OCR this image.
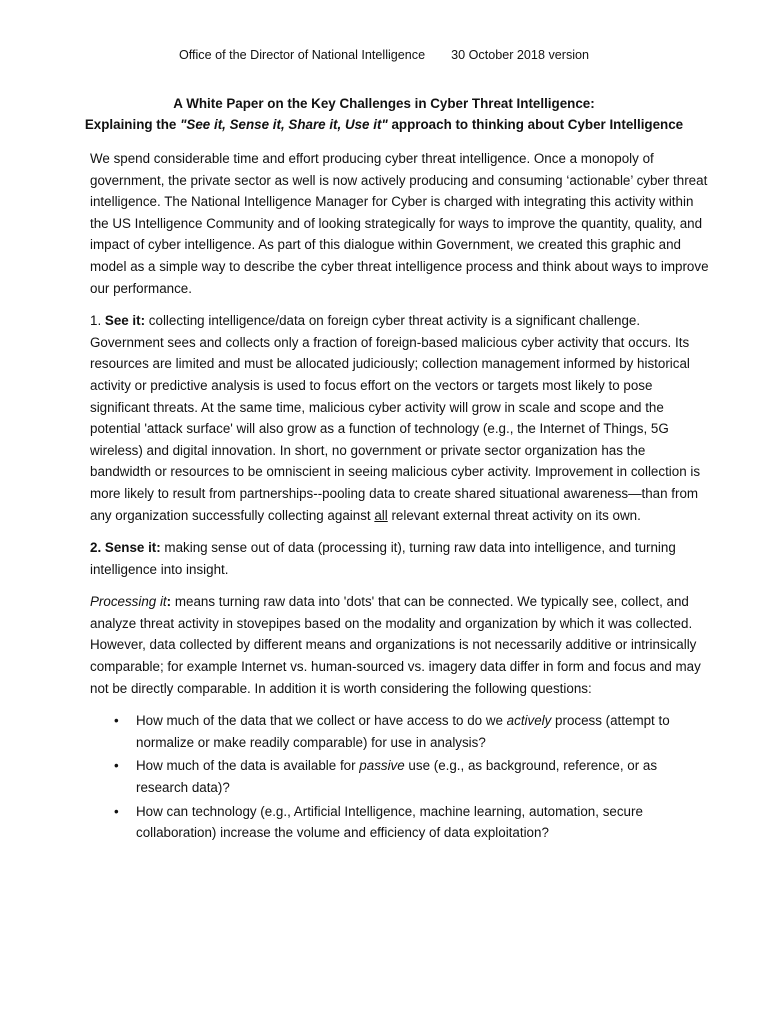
Office of the Director of National Intelligence 30 October 2018 version
A White Paper on the Key Challenges in Cyber Threat Intelligence:
Explaining the "See it, Sense it, Share it, Use it" approach to thinking about Cyber Intelligence

We spend considerable time and effort producing cyber threat intelligence. Once a monopoly of government, the private sector as well is now actively producing and consuming ‘actionable’ cyber threat intelligence. The National Intelligence Manager for Cyber is charged with integrating this activity within the US Intelligence Community and of looking strategically for ways to improve the quantity, quality, and impact of cyber intelligence. As part of this dialogue within Government, we created this graphic and model as a simple way to describe the cyber threat intelligence process and think about ways to improve our performance.

1. See it: collecting intelligence/data on foreign cyber threat activity is a significant challenge. Government sees and collects only a fraction of foreign-based malicious cyber activity that occurs. Its resources are limited and must be allocated judiciously; collection management informed by historical activity or predictive analysis is used to focus effort on the vectors or targets most likely to pose significant threats. At the same time, malicious cyber activity will grow in scale and scope and the potential 'attack surface' will also grow as a function of technology (e.g., the Internet of Things, 5G wireless) and digital innovation. In short, no government or private sector organization has the bandwidth or resources to be omniscient in seeing malicious cyber activity. Improvement in collection is more likely to result from partnerships--pooling data to create shared situational awareness—than from any organization successfully collecting against all relevant external threat activity on its own.

2. Sense it: making sense out of data (processing it), turning raw data into intelligence, and turning intelligence into insight.

Processing it: means turning raw data into 'dots' that can be connected. We typically see, collect, and analyze threat activity in stovepipes based on the modality and organization by which it was collected. However, data collected by different means and organizations is not necessarily additive or intrinsically comparable; for example Internet vs. human-sourced vs. imagery data differ in form and focus and may not be directly comparable. In addition it is worth considering the following questions:

• How much of the data that we collect or have access to do we actively process (attempt to normalize or make readily comparable) for use in analysis?
• How much of the data is available for passive use (e.g., as background, reference, or as research data)?
• How can technology (e.g., Artificial Intelligence, machine learning, automation, secure collaboration) increase the volume and efficiency of data exploitation?
